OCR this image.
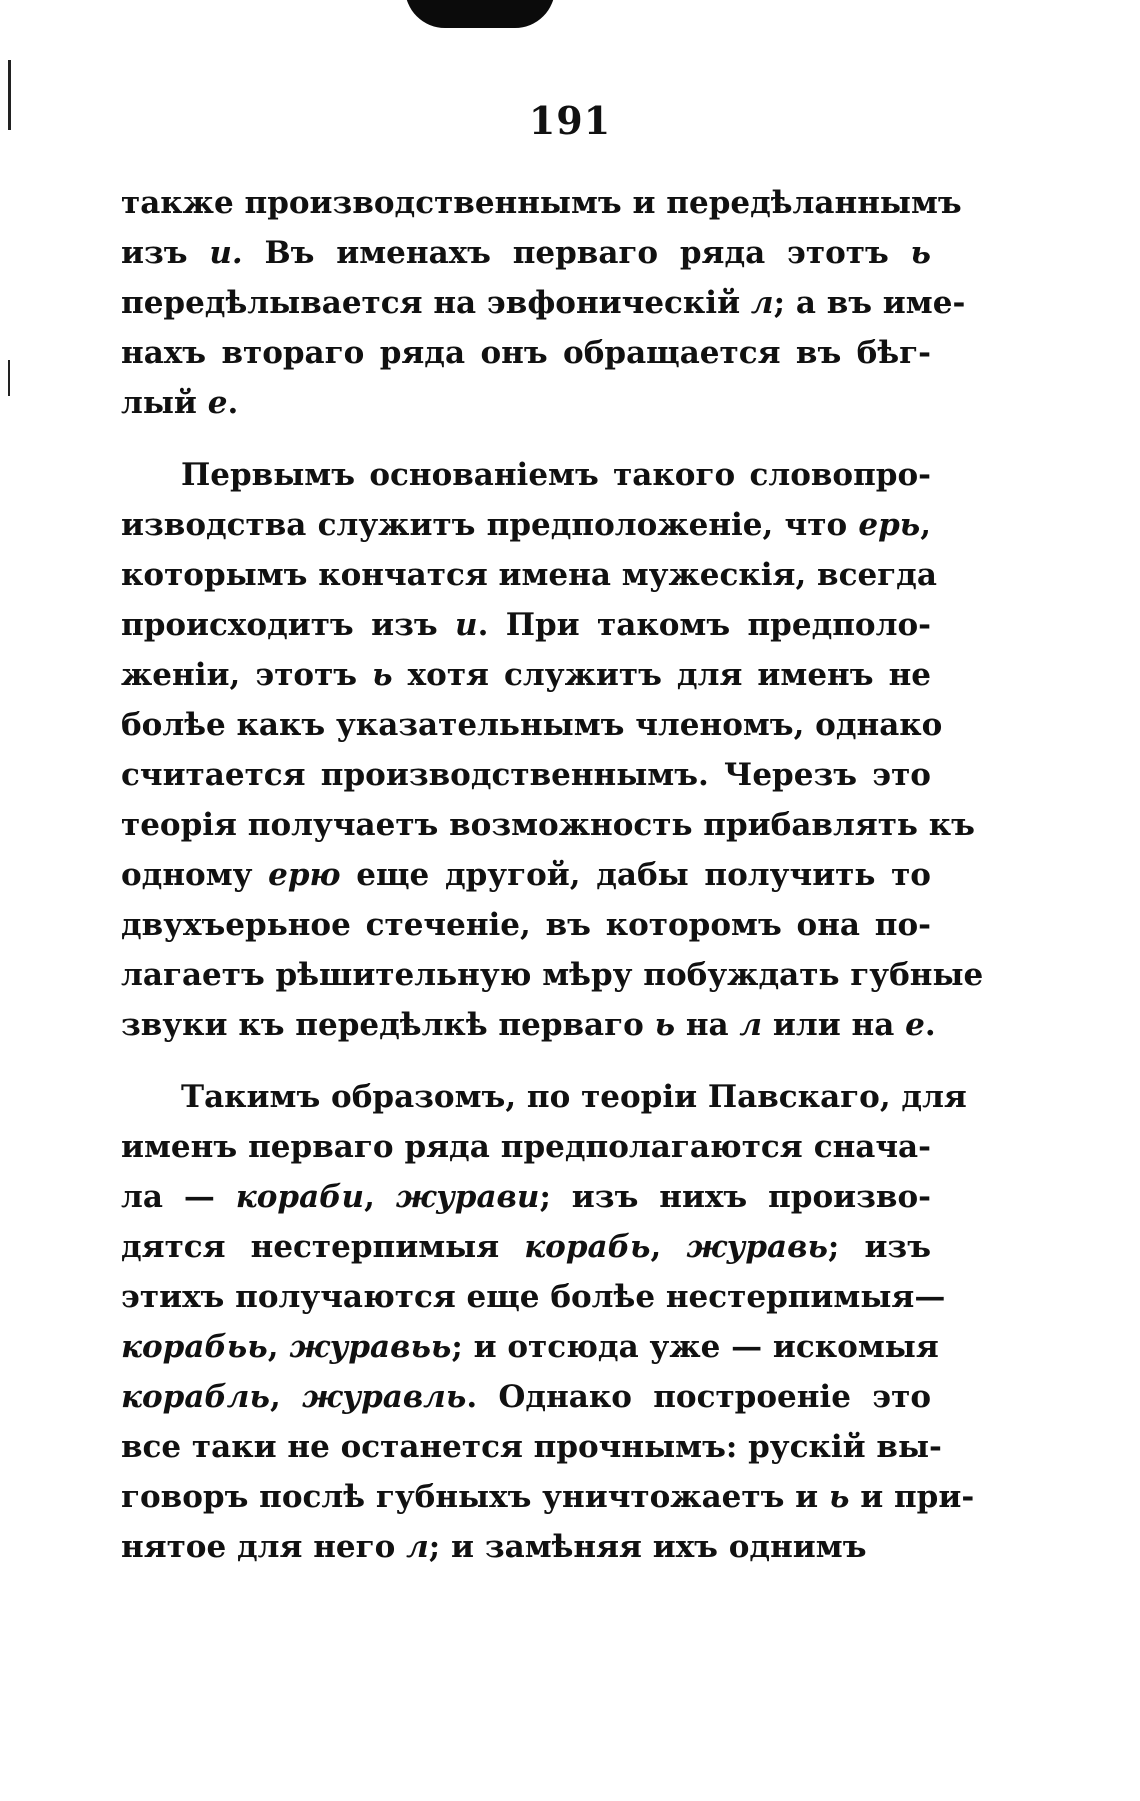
191
также производственнымъ и передѣланнымъ
изъ и. Въ именахъ перваго ряда этотъ ь
передѣлывается на эвфоническій л; а въ име-
нахъ втораго ряда онъ обращается въ бѣг-
лый е.
Первымъ основаніемъ такого словопро-
изводства служитъ предположеніе, что ерь,
которымъ кончатся имена мужескія, всегда
происходитъ изъ и. При такомъ предполо-
женіи, этотъ ь хотя служитъ для именъ не
болѣе какъ указательнымъ членомъ, однако
считается производственнымъ. Черезъ это
теорія получаетъ возможность прибавлять къ
одному ерю еще другой, дабы получить то
двухъерьное стеченіе, въ которомъ она по-
лагаетъ рѣшительную мѣру побуждать губные
звуки къ передѣлкѣ перваго ь на л или на е.
Такимъ образомъ, по теоріи Павскаго, для
именъ перваго ряда предполагаются снача-
ла — кораби, журави; изъ нихъ произво-
дятся нестерпимыя корабь, журавь; изъ
этихъ получаются еще болѣе нестерпимыя—
корабьь, журавьь; и отсюда уже — искомыя
корабль, журавль. Однако построеніе это
все таки не останется прочнымъ: рускій вы-
говоръ послѣ губныхъ уничтожаетъ и ь и при-
нятое для него л; и замѣняя ихъ однимъ
